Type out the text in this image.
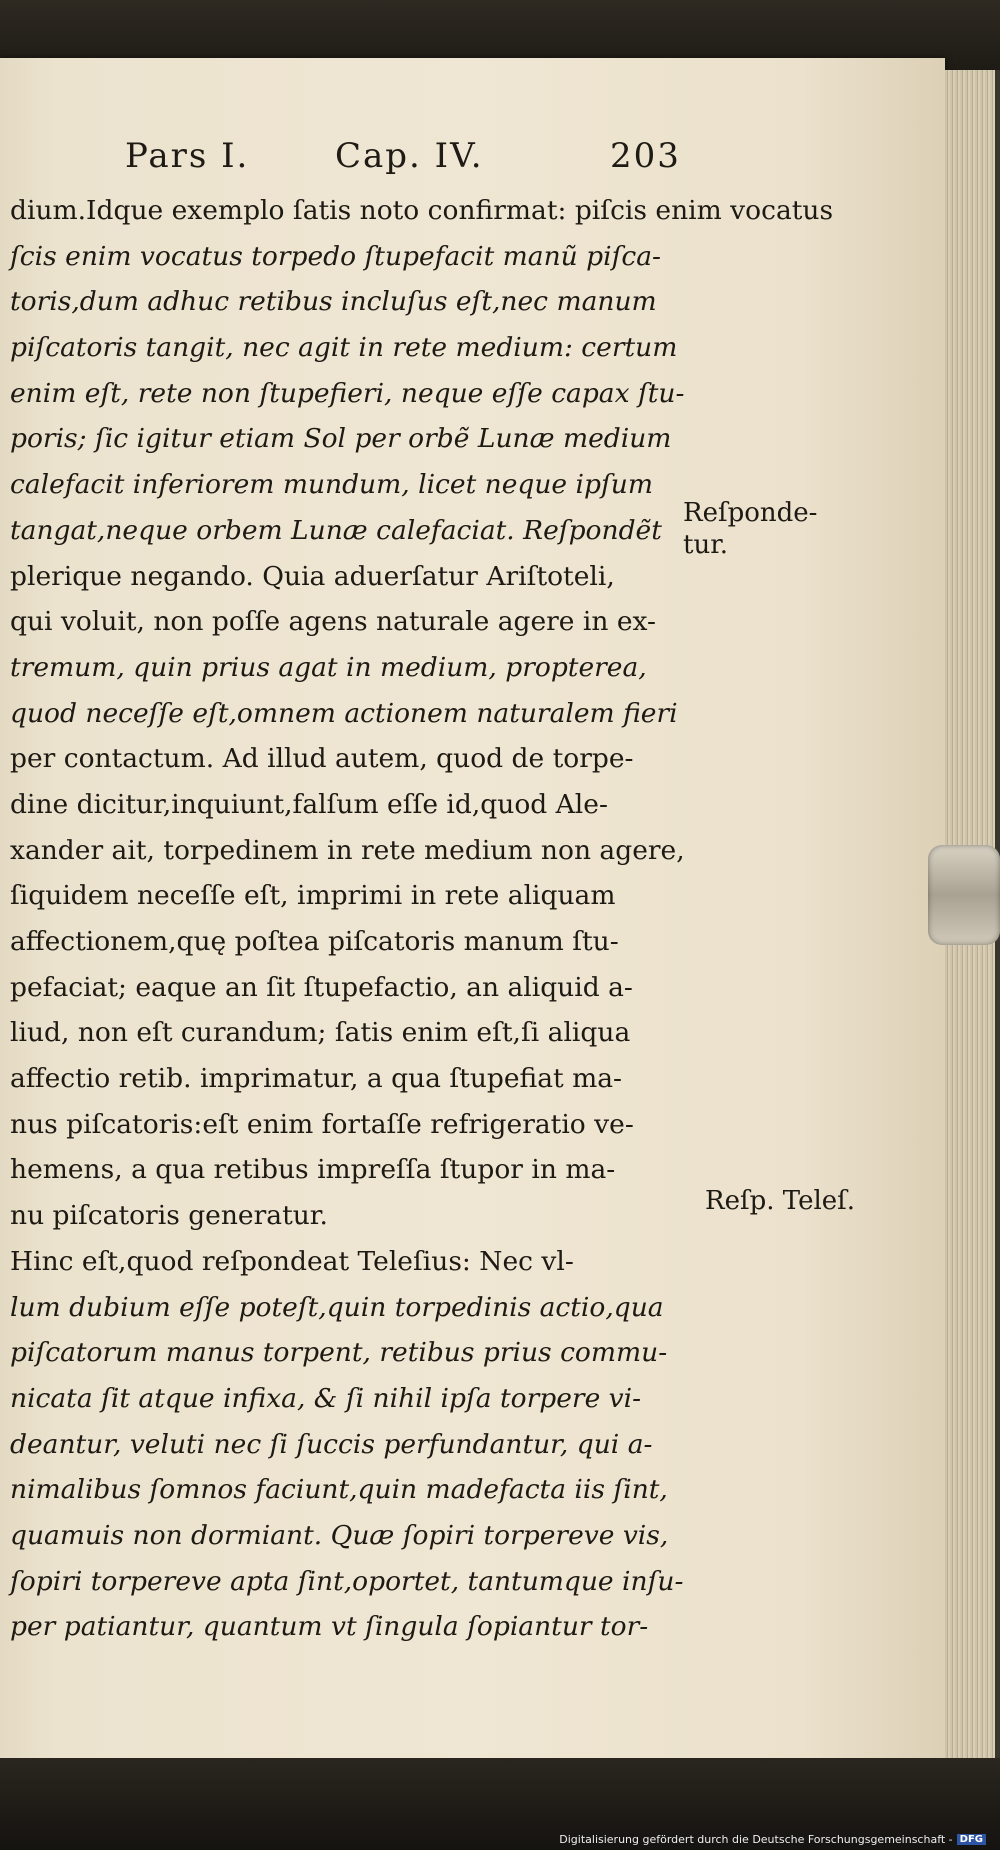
Pars I.	Cap. IV.	203
dium.Idque exemplo ſatis noto confirmat: piſcis enim vocatus
ſcis enim vocatus torpedo ſtupefacit manũ piſca-
toris,dum adhuc retibus incluſus eſt,nec manum
piſcatoris tangit, nec agit in rete medium: certum
enim eſt, rete non ſtupefieri, neque eſſe capax ſtu-
poris; ſic igitur etiam Sol per orbẽ Lunæ medium
calefacit inferiorem mundum, licet neque ipſum
tangat,neque orbem Lunæ calefaciat. Reſpondẽt
plerique negando. Quia aduerſatur Ariſtoteli,
qui voluit, non poſſe agens naturale agere in ex-
tremum, quin prius agat in medium, propterea,
quod neceſſe eſt,omnem actionem naturalem fieri
per contactum. Ad illud autem, quod de torpe-
dine dicitur,inquiunt,falſum eſſe id,quod Ale-
xander ait, torpedinem in rete medium non agere,
ſiquidem neceſſe eſt, imprimi in rete aliquam
affectionem,quę poſtea piſcatoris manum ſtu-
pefaciat; eaque an ſit ſtupefactio, an aliquid a-
liud, non eſt curandum; ſatis enim eſt,ſi aliqua
affectio retib. imprimatur, a qua ſtupefiat ma-
nus piſcatoris:eſt enim fortaſſe refrigeratio ve-
hemens, a qua retibus impreſſa ſtupor in ma-
nu piſcatoris generatur.
Hinc eſt,quod reſpondeat Teleſius: Nec vl-
lum dubium eſſe poteſt,quin torpedinis actio,qua
piſcatorum manus torpent, retibus prius commu-
nicata ſit atque infixa, & ſi nihil ipſa torpere vi-
deantur, veluti nec ſi ſuccis perfundantur, qui a-
nimalibus ſomnos faciunt,quin madefacta iis ſint,
quamuis non dormiant. Quæ ſopiri torpereve vis,
ſopiri torpereve apta ſint,oportet, tantumque inſu-
per patiantur, quantum vt ſingula ſopiantur tor-
Reſponde-
tur.
Reſp. Teleſ.
Digitalisierung gefördert durch die Deutsche Forschungsgemeinschaft - DFG
